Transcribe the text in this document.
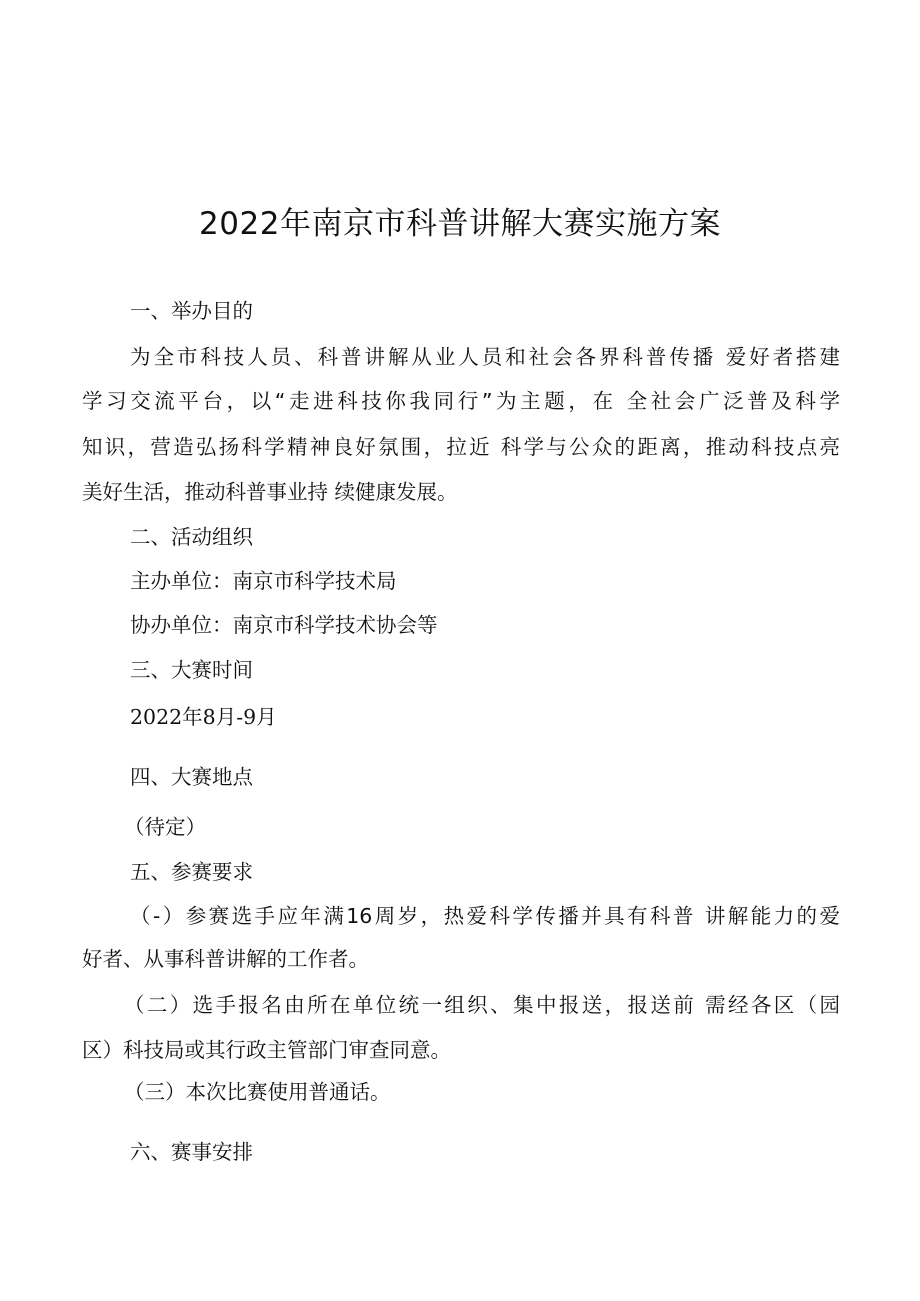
2022年南京市科普讲解大赛实施方案
一、举办目的
为全市科技人员、科普讲解从业人员和社会各界科普传播 爱好者搭建
学习交流平台，以“走进科技你我同行”为主题，在 全社会广泛普及科学
知识，营造弘扬科学精神良好氛围，拉近 科学与公众的距离，推动科技点亮
美好生活，推动科普事业持 续健康发展。
二、活动组织
主办单位：南京市科学技术局
协办单位：南京市科学技术协会等
三、大赛时间
2022年8月-9月
四、大赛地点
（待定）
五、参赛要求
（-）参赛选手应年满16周岁，热爱科学传播并具有科普 讲解能力的爱
好者、从事科普讲解的工作者。
（二）选手报名由所在单位统一组织、集中报送，报送前 需经各区（园
区）科技局或其行政主管部门审查同意。
（三）本次比赛使用普通话。
六、赛事安排
